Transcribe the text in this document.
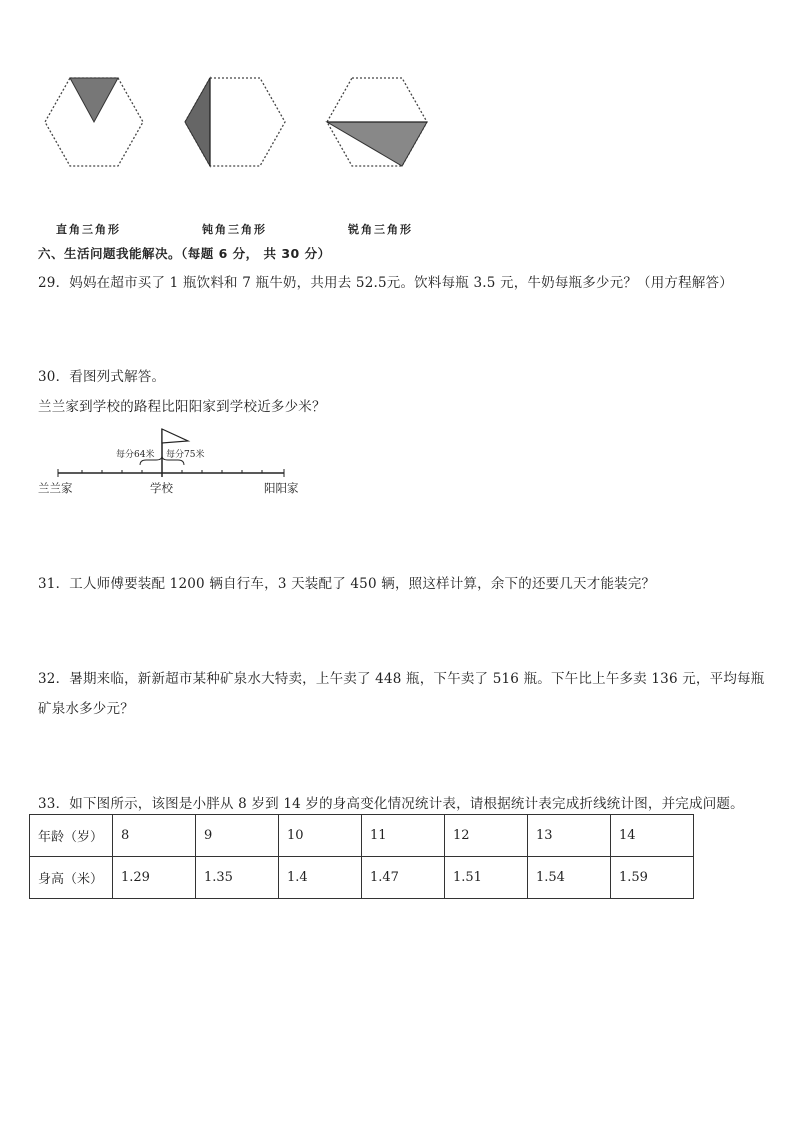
直角三角形	钝角三角形	锐角三角形
六、生活问题我能解决。（每题 6 分， 共 30 分）
29．妈妈在超市买了 1 瓶饮料和 7 瓶牛奶，共用去 52.5元。饮料每瓶 3.5 元，牛奶每瓶多少元？（用方程解答）
30．看图列式解答。
兰兰家到学校的路程比阳阳家到学校近多少米？
每分64米 每分75米
兰兰家	学校	阳阳家
31．工人师傅要装配 1200 辆自行车，3 天装配了 450 辆，照这样计算，余下的还要几天才能装完？
32．暑期来临，新新超市某种矿泉水大特卖，上午卖了 448 瓶，下午卖了 516 瓶。下午比上午多卖 136 元，平均每瓶
矿泉水多少元？
33．如下图所示，该图是小胖从 8 岁到 14 岁的身高变化情况统计表，请根据统计表完成折线统计图，并完成问题。
年龄（岁）	8	9	10	11	12	13	14
身高（米）	1.29	1.35	1.4	1.47	1.51	1.54	1.59
